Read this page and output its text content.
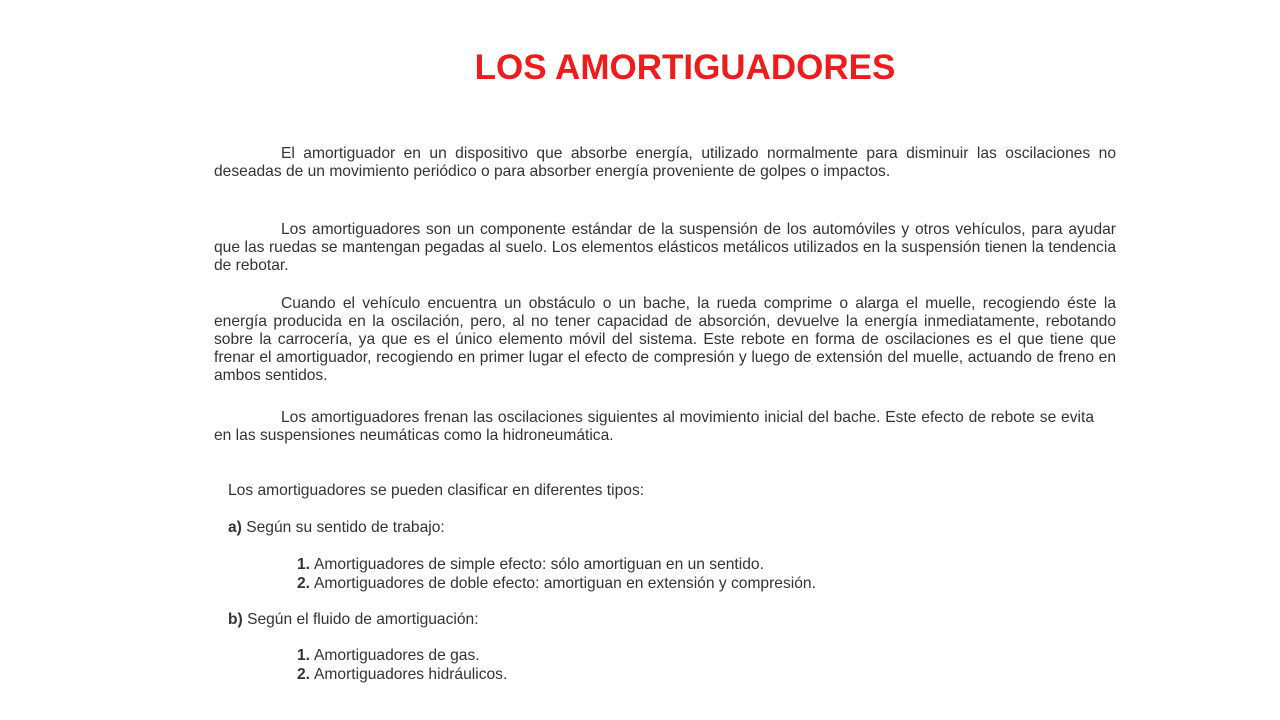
LOS AMORTIGUADORES

El amortiguador en un dispositivo que absorbe energía, utilizado normalmente para disminuir las oscilaciones no deseadas de un movimiento periódico o para absorber energía proveniente de golpes o impactos.

Los amortiguadores son un componente estándar de la suspensión de los automóviles y otros vehículos, para ayudar que las ruedas se mantengan pegadas al suelo. Los elementos elásticos metálicos utilizados en la suspensión tienen la tendencia de rebotar.

Cuando el vehículo encuentra un obstáculo o un bache, la rueda comprime o alarga el muelle, recogiendo éste la energía producida en la oscilación, pero, al no tener capacidad de absorción, devuelve la energía inmediatamente, rebotando sobre la carrocería, ya que es el único elemento móvil del sistema. Este rebote en forma de oscilaciones es el que tiene que frenar el amortiguador, recogiendo en primer lugar el efecto de compresión y luego de extensión del muelle, actuando de freno en ambos sentidos.

Los amortiguadores frenan las oscilaciones siguientes al movimiento inicial del bache. Este efecto de rebote se evita en las suspensiones neumáticas como la hidroneumática.

Los amortiguadores se pueden clasificar en diferentes tipos:

a) Según su sentido de trabajo:

1. Amortiguadores de simple efecto: sólo amortiguan en un sentido.
2. Amortiguadores de doble efecto: amortiguan en extensión y compresión.

b) Según el fluido de amortiguación:

1. Amortiguadores de gas.
2. Amortiguadores hidráulicos.
